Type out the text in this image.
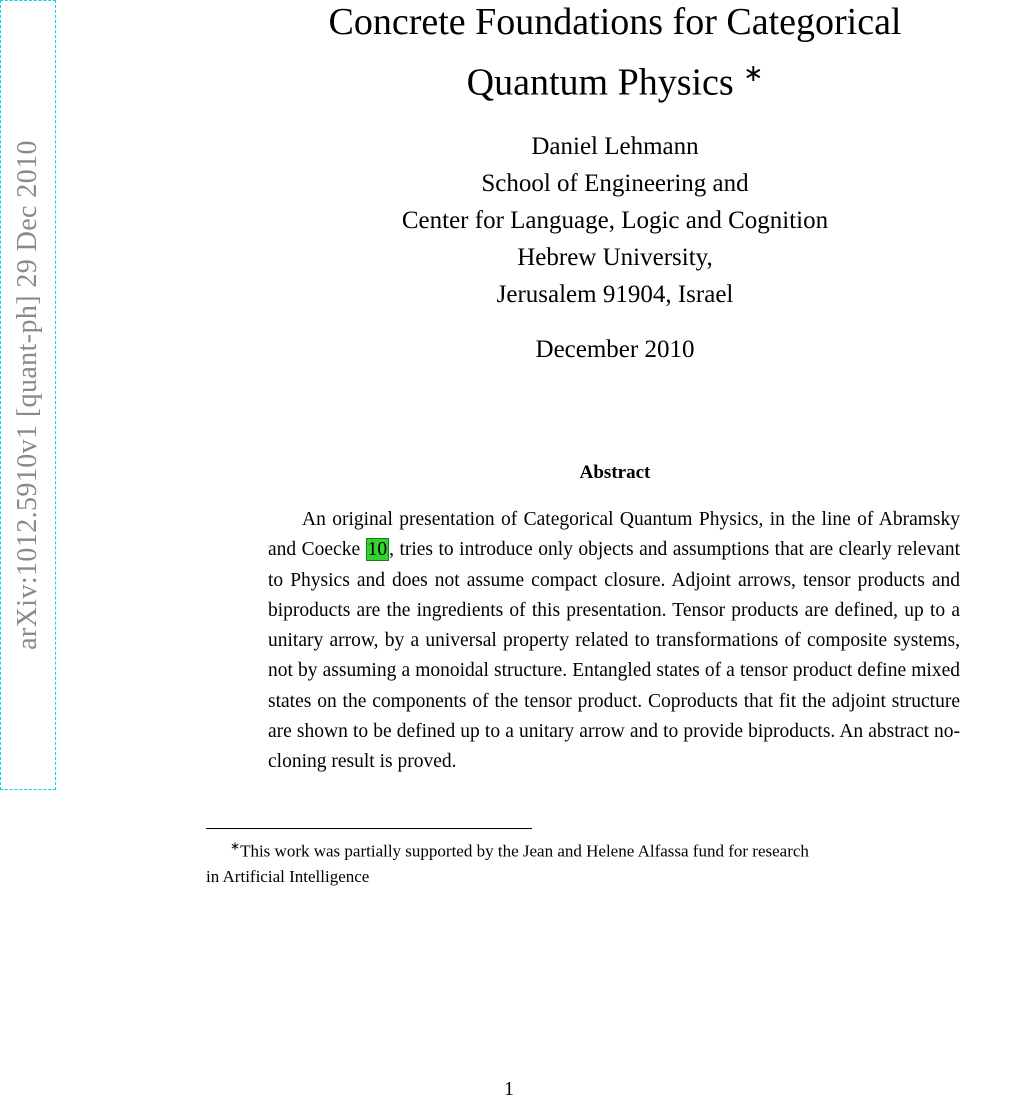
arXiv:1012.5910v1 [quant-ph] 29 Dec 2010
Concrete Foundations for Categorical
Quantum Physics ∗
Daniel Lehmann
School of Engineering and
Center for Language, Logic and Cognition
Hebrew University,
Jerusalem 91904, Israel
December 2010
Abstract
An original presentation of Categorical Quantum Physics, in the line of Abramsky and Coecke 10 , tries to introduce only objects and assumptions that are clearly relevant to Physics and does not assume compact closure. Adjoint arrows, tensor products and biproducts are the ingredients of this presentation. Tensor products are defined, up to a unitary arrow, by a universal property related to transformations of composite systems, not by assuming a monoidal structure. Entangled states of a tensor product define mixed states on the components of the tensor product. Coproducts that fit the adjoint structure are shown to be defined up to a unitary arrow and to provide biproducts. An abstract no-cloning result is proved.
∗This work was partially supported by the Jean and Helene Alfassa fund for research
in Artificial Intelligence
1
